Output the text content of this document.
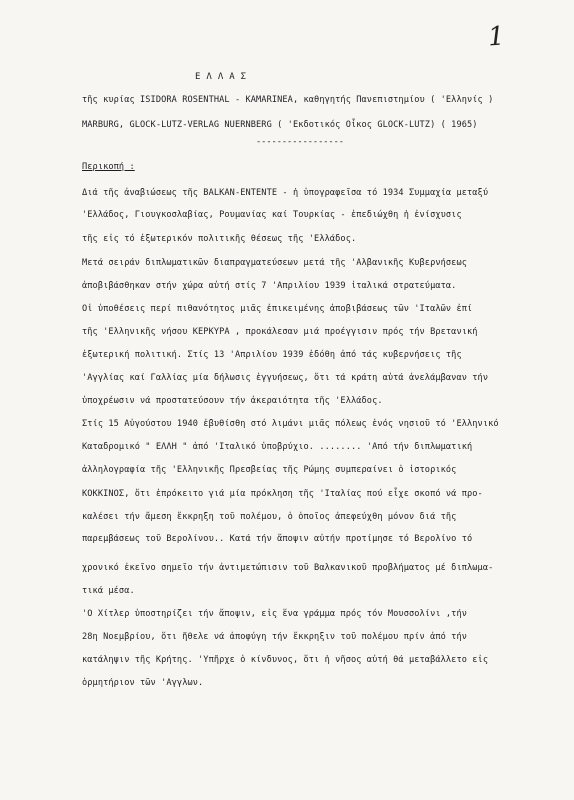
1
ΕΛΛΑΣ
τῆς κυρίας ISIDORA ROSENTHAL - KAMARINEA, καθηγητής Πανεπιστημίου ( 'Ελληνίς )
MARBURG, GLOCK-LUTZ-VERLAG NUERNBERG ( 'Εκδοτικός Οἶκος GLOCK-LUTZ) ( 1965)
-----------------
Περικοπή :
Διά τῆς ἀναβιώσεως τῆς BALKAN-ENTENTE - ἡ ὑπογραφεῖσα τό 1934 Συμμαχία μεταξύ
'Ελλάδος, Γιουγκοσλαβίας, Ρουμανίας καί Τουρκίας - ἐπεδιώχθη ἡ ἐνίσχυσις
τῆς εἰς τό ἐξωτερικόν πολιτικῆς θέσεως τῆς 'Ελλάδος.
Μετά σειράν διπλωματικῶν διαπραγματεύσεων μετά τῆς 'Αλβανικῆς Κυβερνήσεως
ἀποβιβάσθηκαν στήν χώρα αὐτή στίς 7 'Απριλίου 1939 ἰταλικά στρατεύματα.
Οἱ ὑποθέσεις περί πιθανότητος μιᾶς ἐπικειμένης ἀποβιβάσεως τῶν 'Ιταλῶν ἐπί
τῆς 'Ελληνικῆς νήσου ΚΕΡΚΥΡΑ , προκάλεσαν μιά προέγγισιν πρός τήν Βρετανική
ἐξωτερική πολιτική. Στίς 13 'Απριλίου 1939 ἐδόθη ἀπό τάς κυβερνήσεις τῆς
'Αγγλίας καί Γαλλίας μία δήλωσις ἐγγυήσεως, ὅτι τά κράτη αὐτά ἀνελάμβαναν τήν
ὑποχρέωσιν νά προστατεύσουν τήν ἀκεραιότητα τῆς 'Ελλάδος.
Στίς 15 Αὐγούστου 1940 ἐβυθίσθη στό λιμάνι μιᾶς πόλεως ἑνός νησιοῦ τό 'Ελληνικό
Καταδρομικό " ΕΛΛΗ " ἀπό 'Ιταλικό ὑποβρύχιο. ........ 'Από τήν διπλωματική
ἀλληλογραφία τῆς 'Ελληνικῆς Πρεσβείας τῆς Ρώμης συμπεραίνει ὁ ἱστορικός
ΚΟΚΚΙΝΟΣ, ὅτι ἐπρόκειτο γιά μία πρόκληση τῆς 'Ιταλίας πού εἶχε σκοπό νά προ-
καλέσει τήν ἄμεση ἔκκρηξη τοῦ πολέμου, ὁ ὁποῖος ἀπεφεύχθη μόνον διά τῆς
παρεμβάσεως τοῦ Βερολίνου.. Κατά τήν ἄποψιν αὐτήν προτίμησε τό Βερολίνο τό
χρονικό ἐκεῖνο σημεῖο τήν ἀντιμετώπισιν τοῦ Βαλκανικοῦ προβλήματος μέ διπλωμα-
τικά μέσα.
'Ο Χίτλερ ὑποστηρίζει τήν ἄποψιν, εἰς ἕνα γράμμα πρός τόν Μουσσολίνι ,τήν
28η Νοεμβρίου, ὅτι ἤθελε νά ἀποφύγη τήν ἔκκρηξιν τοῦ πολέμου πρίν ἀπό τήν
κατάληψιν τῆς Κρήτης. 'Υπῆρχε ὁ κίνδυνος, ὅτι ἡ νῆσος αὐτή θά μεταβάλλετο εἰς
ὁρμητήριον τῶν 'Αγγλων.
